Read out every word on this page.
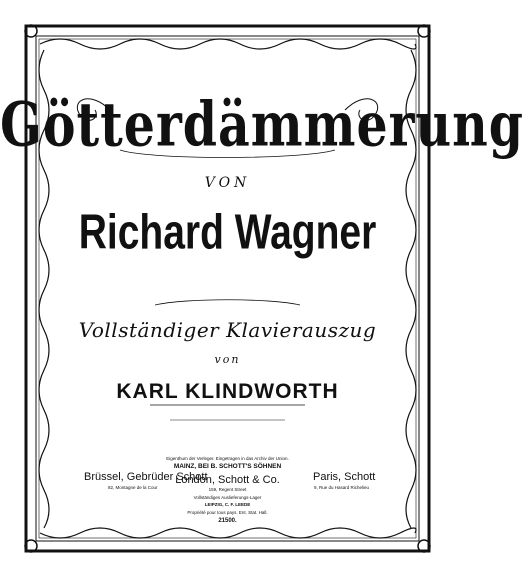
Götterdämmerung
VON
Richard Wagner
Vollständiger Klavierauszug
von
KARL KLINDWORTH
Eigenthum der Verleger. Eingetragen in das Archiv der Union.
MAINZ, BEI B. SCHOTT'S SÖHNEN
Brüssel, Gebrüder Schott
82, Montagne de la Cour
London, Schott & Co.
159, Regent Street
Paris, Schott
9, Rue du Hasard Richelieu
Vollständiges Auslieferungs-Lager
LEIPZIG, C. F. LEEDE
Propriété pour tous pays. Ent. Stat. Hall.
21500.
